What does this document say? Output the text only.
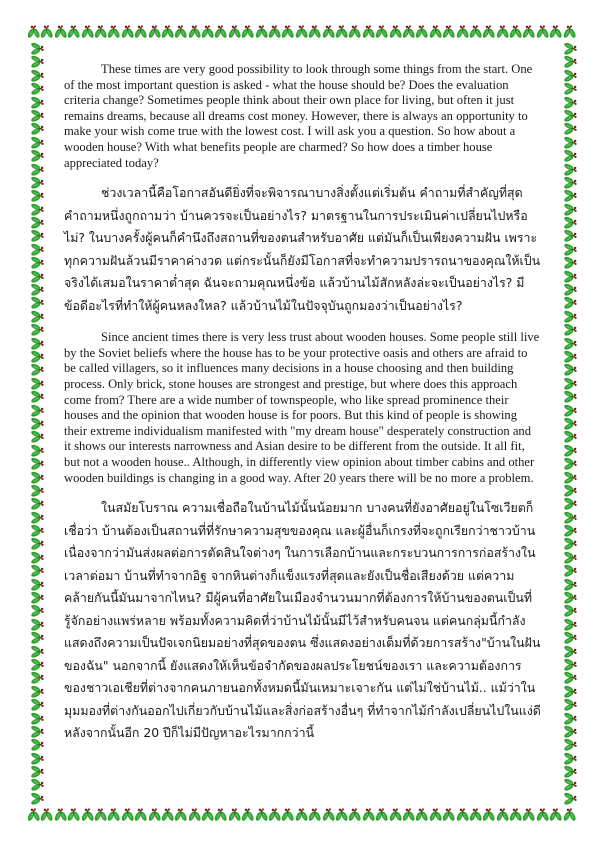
These times are very good possibility to look through some things from the start. One of the most important question is asked - what the house should be? Does the evaluation criteria change? Sometimes people think about their own place for living, but often it just remains dreams, because all dreams cost money. However, there is always an opportunity to make your wish come true with the lowest cost. I will ask you a question. So how about a wooden house? With what benefits people are charmed? So how does a timber house appreciated today?

ช่วงเวลานี้คือโอกาสอันดียิ่งที่จะพิจารณาบางสิ่งตั้งแต่เริ่มต้น คำถามที่สำคัญที่สุดคำถามหนึ่งถูกถามว่า บ้านควรจะเป็นอย่างไร? มาตรฐานในการประเมินค่าเปลี่ยนไปหรือไม่? ในบางครั้งผู้คนก็คำนึงถึงสถานที่ของตนสำหรับอาศัย แต่มันก็เป็นเพียงความฝัน เพราะทุกความฝันล้วนมีราคาค่างวด แต่กระนั้นก็ยังมีโอกาสที่จะทำความปรารถนาของคุณให้เป็นจริงได้เสมอในราคาต่ำสุด ฉันจะถามคุณหนึ่งข้อ แล้วบ้านไม้สักหลังล่ะจะเป็นอย่างไร? มีข้อดีอะไรที่ทำให้ผู้คนหลงใหล? แล้วบ้านไม้ในปัจจุบันถูกมองว่าเป็นอย่างไร?

Since ancient times there is very less trust about wooden houses. Some people still live by the Soviet beliefs where the house has to be your protective oasis and others are afraid to be called villagers, so it influences many decisions in a house choosing and then building process. Only brick, stone houses are strongest and prestige, but where does this approach come from? There are a wide number of townspeople, who like spread prominence their houses and the opinion that wooden house is for poors. But this kind of people is showing their extreme individualism manifested with "my dream house" desperately construction and it shows our interests narrowness and Asian desire to be different from the outside. It all fit, but not a wooden house.. Although, in differently view opinion about timber cabins and other wooden buildings is changing in a good way. After 20 years there will be no more a problem.

ในสมัยโบราณ ความเชื่อถือในบ้านไม้นั้นน้อยมาก บางคนที่ยังอาศัยอยู่ในโซเวียตก็เชื่อว่า บ้านต้องเป็นสถานที่ที่รักษาความสุขของคุณ และผู้อื่นก็เกรงที่จะถูกเรียกว่าชาวบ้าน เนื่องจากว่ามันส่งผลต่อการตัดสินใจต่างๆ ในการเลือกบ้านและกระบวนการการก่อสร้างในเวลาต่อมา บ้านที่ทำจากอิฐ จากหินต่างก็แข็งแรงที่สุดและยังเป็นชื่อเสียงด้วย แต่ความคล้ายกันนี้มันมาจากไหน? มีผู้คนที่อาศัยในเมืองจำนวนมากที่ต้องการให้บ้านของตนเป็นที่รู้จักอย่างแพร่หลาย พร้อมทั้งความคิดที่ว่าบ้านไม้นั้นมีไว้สำหรับคนจน แต่คนกลุ่มนี้กำลังแสดงถึงความเป็นปัจเจกนิยมอย่างที่สุดของตน ซึ่งแสดงอย่างเต็มที่ด้วยการสร้าง"บ้านในฝันของฉัน" นอกจากนี้ ยังแสดงให้เห็นข้อจำกัดของผลประโยชน์ของเรา และความต้องการของชาวเอเชียที่ต่างจากคนภายนอกทั้งหมดนี้มันเหมาะเจาะกัน แต่ไม่ใช่บ้านไม้.. แม้ว่าในมุมมองที่ต่างกันออกไปเกี่ยวกับบ้านไม้และสิ่งก่อสร้างอื่นๆ ที่ทำจากไม้กำลังเปลี่ยนไปในแง่ดี หลังจากนั้นอีก 20 ปีก็ไม่มีปัญหาอะไรมากกว่านี้
